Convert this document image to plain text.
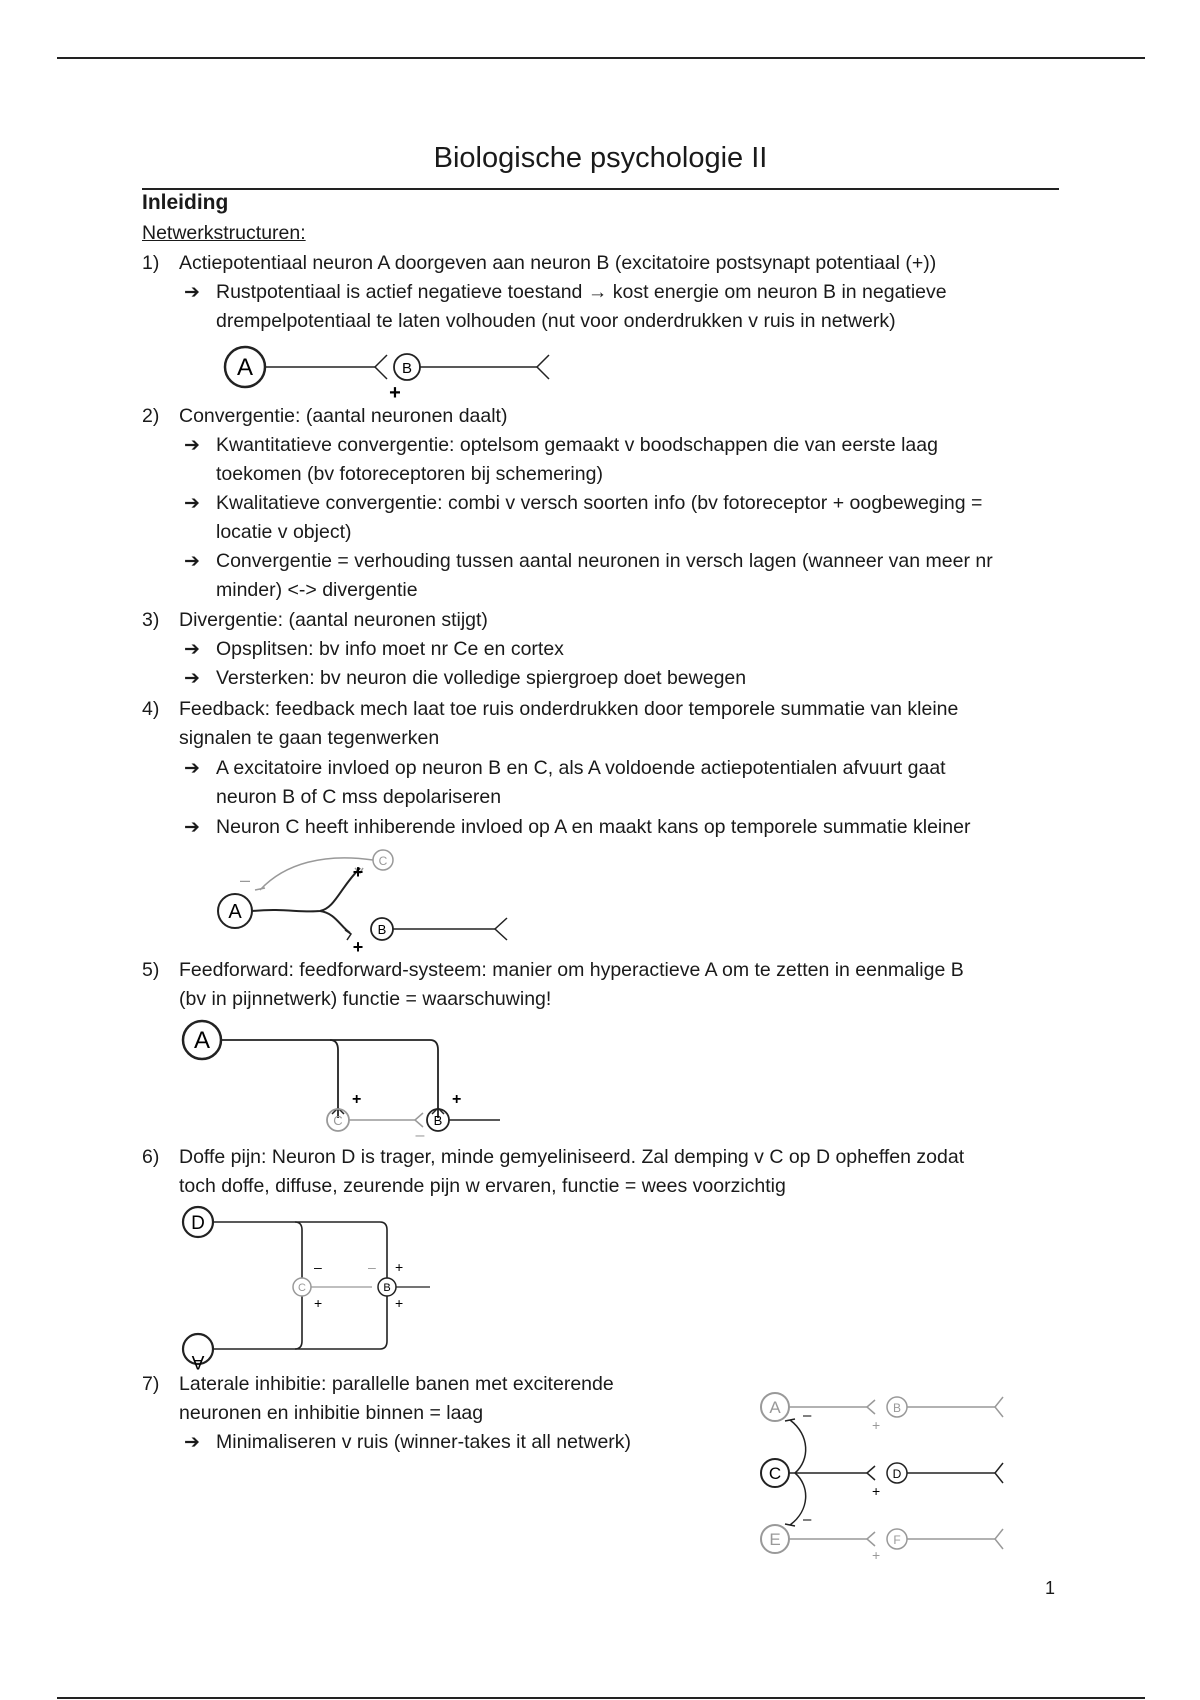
Biologische psychologie II
Inleiding
Netwerkstructuren:
1) Actiepotentiaal neuron A doorgeven aan neuron B (excitatoire postsynapt potentiaal (+))
➔ Rustpotentiaal is actief negatieve toestand → kost energie om neuron B in negatieve
drempelpotentiaal te laten volhouden (nut voor onderdrukken v ruis in netwerk)
A	B
+
2) Convergentie: (aantal neuronen daalt)
➔ Kwantitatieve convergentie: optelsom gemaakt v boodschappen die van eerste laag
toekomen (bv fotoreceptoren bij schemering)
➔ Kwalitatieve convergentie: combi v versch soorten info (bv fotoreceptor + oogbeweging =
locatie v object)
➔ Convergentie = verhouding tussen aantal neuronen in versch lagen (wanneer van meer nr
minder) <-> divergentie
3) Divergentie: (aantal neuronen stijgt)
➔ Opsplitsen: bv info moet nr Ce en cortex
➔ Versterken: bv neuron die volledige spiergroep doet bewegen
4) Feedback: feedback mech laat toe ruis onderdrukken door temporele summatie van kleine
signalen te gaan tegenwerken
➔ A excitatoire invloed op neuron B en C, als A voldoende actiepotentialen afvuurt gaat
neuron B of C mss depolariseren
➔ Neuron C heeft inhiberende invloed op A en maakt kans op temporele summatie kleiner
A
C
+
–
B
+
5) Feedforward: feedforward-systeem: manier om hyperactieve A om te zetten in eenmalige B
(bv in pijnnetwerk) functie = waarschuwing!
A
+	+
C	B
–
6) Doffe pijn: Neuron D is trager, minde gemyeliniseerd. Zal demping v C op D opheffen zodat
toch doffe, diffuse, zeurende pijn w ervaren, functie = wees voorzichtig
D
A
C	B
–
+
– +
+
7) Laterale inhibitie: parallelle banen met exciterende
neuronen en inhibitie binnen = laag
➔ Minimaliseren v ruis (winner-takes it all netwerk)
A	B
+
C	D
+
–
–
E	F
+
1
